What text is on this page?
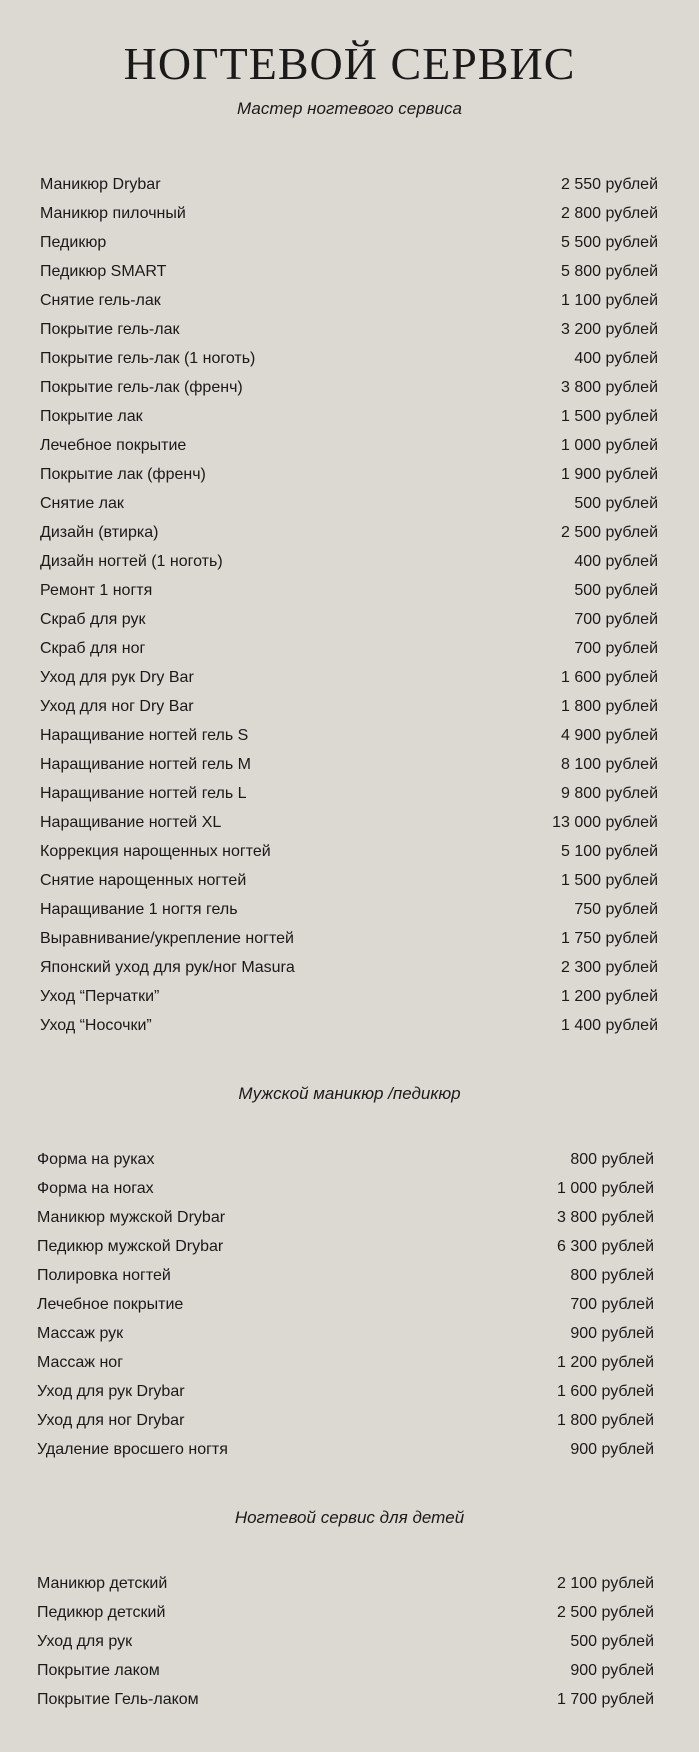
НОГТЕВОЙ СЕРВИС
Мастер ногтевого сервиса
Маникюр Drybar	2 550 рублей
Маникюр пилочный	2 800 рублей
Педикюр	5 500 рублей
Педикюр SMART	5 800 рублей
Снятие гель-лак	1 100 рублей
Покрытие гель-лак	3 200 рублей
Покрытие гель-лак (1 ноготь)	400 рублей
Покрытие гель-лак (френч)	3 800 рублей
Покрытие лак	1 500 рублей
Лечебное покрытие	1 000 рублей
Покрытие лак (френч)	1 900 рублей
Снятие лак	500 рублей
Дизайн (втирка)	2 500 рублей
Дизайн ногтей (1 ноготь)	400 рублей
Ремонт 1 ногтя	500 рублей
Скраб для рук	700 рублей
Скраб для ног	700 рублей
Уход для рук Dry Bar	1 600 рублей
Уход для ног Dry Bar	1 800 рублей
Наращивание ногтей гель S	4 900 рублей
Наращивание ногтей гель M	8 100 рублей
Наращивание ногтей гель L	9 800 рублей
Наращивание ногтей XL	13 000 рублей
Коррекция нарощенных ногтей	5 100 рублей
Снятие нарощенных ногтей	1 500 рублей
Наращивание 1 ногтя гель	750 рублей
Выравнивание/укрепление ногтей	1 750 рублей
Японский уход для рук/ног Masura	2 300 рублей
Уход “Перчатки”	1 200 рублей
Уход “Носочки”	1 400 рублей
Мужской маникюр /педикюр
Форма на руках	800 рублей
Форма на ногах	1 000 рублей
Маникюр мужской Drybar	3 800 рублей
Педикюр мужской Drybar	6 300 рублей
Полировка ногтей	800 рублей
Лечебное покрытие	700 рублей
Массаж рук	900 рублей
Массаж ног	1 200 рублей
Уход для рук Drybar	1 600 рублей
Уход для ног Drybar	1 800 рублей
Удаление вросшего ногтя	900 рублей
Ногтевой сервис для детей
Маникюр детский	2 100 рублей
Педикюр детский	2 500 рублей
Уход для рук	500 рублей
Покрытие лаком	900 рублей
Покрытие Гель-лаком	1 700 рублей
